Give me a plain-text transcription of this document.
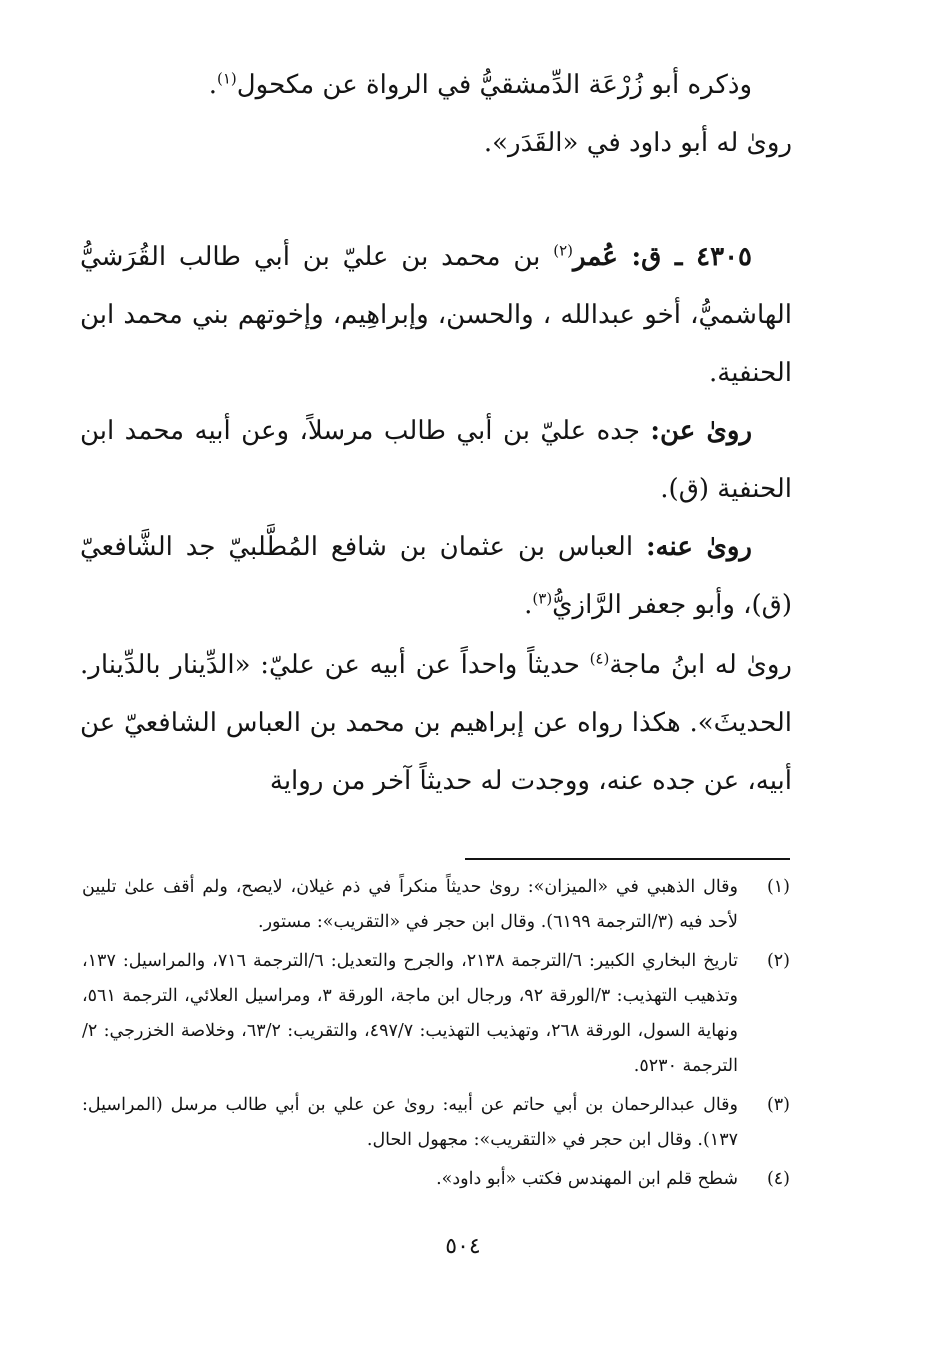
وذكره أبو زُرْعَة الدِّمشقيُّ في الرواة عن مكحول$^{(١)}$.
روىٰ له أبو داود في «القَدَر».

٤٣٠٥ ـ ق: عُمر$^{(٢)}$ بن محمد بن عليّ بن أبي طالب القُرَشيُّ الهاشميُّ، أخو عبدالله ، والحسن، وإبراهِيم، وإخوتهم بني محمد ابن الحنفية.

روىٰ عن: جده عليّ بن أبي طالب مرسلاً، وعن أبيه محمد ابن الحنفية (ق).

روىٰ عنه: العباس بن عثمان بن شافع المُطَّلبيّ جد الشَّافعيّ (ق)، وأبو جعفر الرَّازيُّ$^{(٣)}$.

روىٰ له ابنُ ماجة$^{(٤)}$ حديثاً واحداً عن أبيه عن عليّ: «الدِّينار بالدِّينار. الحديثَ». هكذا رواه عن إبراهيم بن محمد بن العباس الشافعيّ عن أبيه، عن جده عنه، ووجدت له حديثاً آخر من رواية

(١)
وقال الذهبي في «الميزان»: روىٰ حديثاً منكراً في ذم غيلان، لايصح، ولم أقف علىٰ تليين لأحد فيه (٣/الترجمة ٦١٩٩). وقال ابن حجر في «التقريب»: مستور.
(٢)
تاريخ البخاري الكبير: ٦/الترجمة ٢١٣٨، والجرح والتعديل: ٦/الترجمة ٧١٦، والمراسيل: ١٣٧، وتذهيب التهذيب: ٣/الورقة ٩٢، ورجال ابن ماجة، الورقة ٣، ومراسيل العلائي، الترجمة ٥٦١، ونهاية السول، الورقة ٢٦٨، وتهذيب التهذيب: ٤٩٧/٧، والتقريب: ٦٣/٢، وخلاصة الخزرجي: ٢/الترجمة ٥٢٣٠.
(٣)
وقال عبدالرحمان بن أبي حاتم عن أبيه: روىٰ عن علي بن أبي طالب مرسل (المراسيل: ١٣٧). وقال ابن حجر في «التقريب»: مجهول الحال.
(٤)
شطح قلم ابن المهندس فكتب «أبو داود».
٥٠٤
